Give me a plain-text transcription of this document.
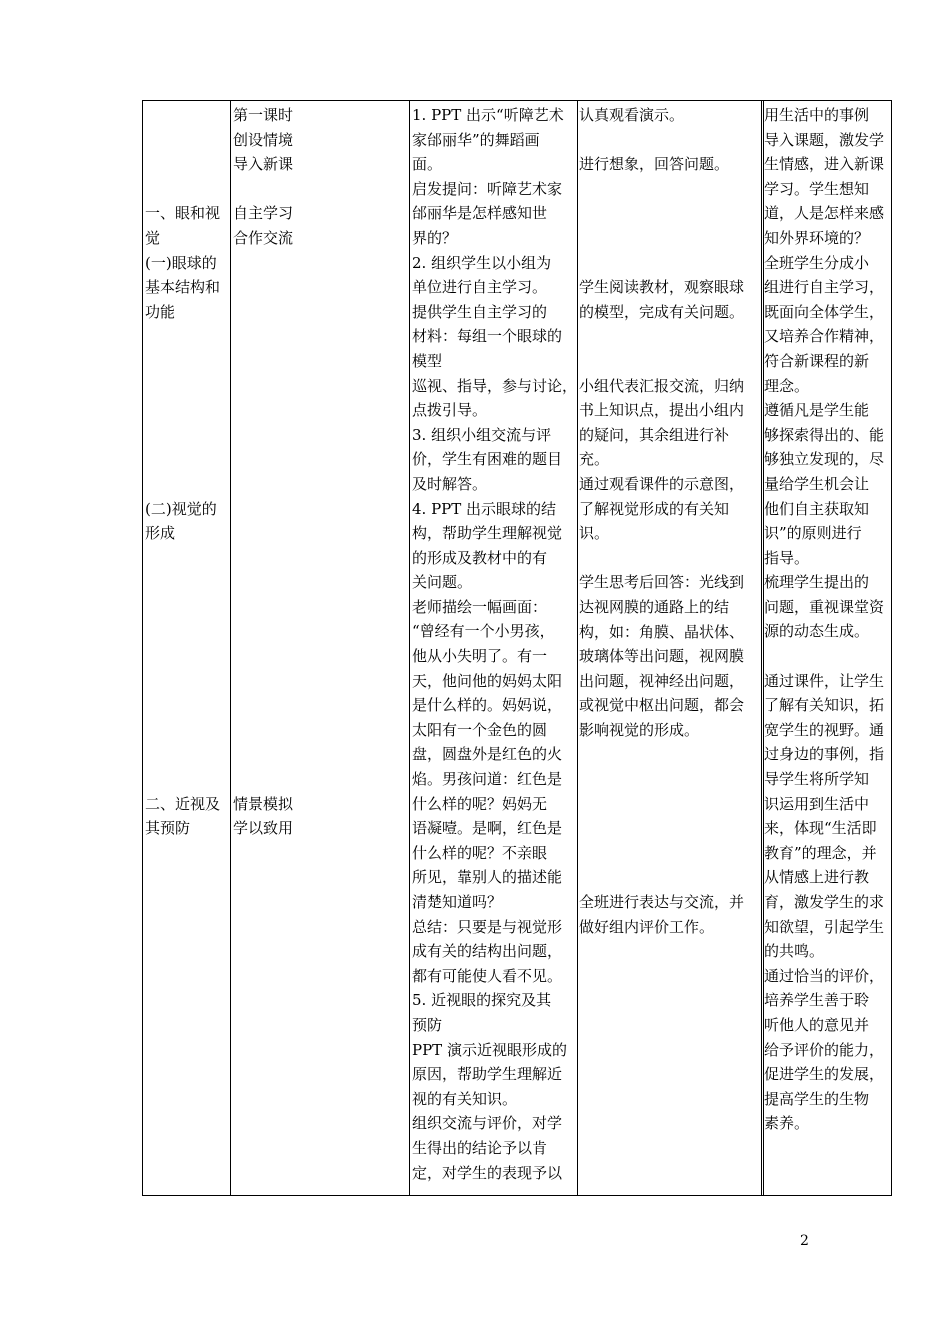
一、眼和视
觉
(一)眼球的
基本结构和
功能
(二)视觉的
形成
二、近视及
其预防
第一课时
创设情境
导入新课
自主学习
合作交流
情景模拟
学以致用
1. PPT 出示“听障艺术
家邰丽华”的舞蹈画
面。
启发提问：听障艺术家
邰丽华是怎样感知世
界的？
2. 组织学生以小组为
单位进行自主学习。
提供学生自主学习的
材料：每组一个眼球的
模型
巡视、指导，参与讨论，
点拨引导。
3. 组织小组交流与评
价，学生有困难的题目
及时解答。
4. PPT 出示眼球的结
构，帮助学生理解视觉
的形成及教材中的有
关问题。
老师描绘一幅画面：
“曾经有一个小男孩，
他从小失明了。有一
天，他问他的妈妈太阳
是什么样的。妈妈说，
太阳有一个金色的圆
盘，圆盘外是红色的火
焰。男孩问道：红色是
什么样的呢？妈妈无
语凝噎。是啊，红色是
什么样的呢？不亲眼
所见，靠别人的描述能
清楚知道吗？
总结：只要是与视觉形
成有关的结构出问题，
都有可能使人看不见。
5. 近视眼的探究及其
预防
PPT 演示近视眼形成的
原因，帮助学生理解近
视的有关知识。
组织交流与评价，对学
生得出的结论予以肯
定，对学生的表现予以
认真观看演示。
进行想象，回答问题。
学生阅读教材，观察眼球
的模型，完成有关问题。
小组代表汇报交流，归纳
书上知识点，提出小组内
的疑问，其余组进行补
充。
通过观看课件的示意图，
了解视觉形成的有关知
识。
学生思考后回答：光线到
达视网膜的通路上的结
构，如：角膜、晶状体、
玻璃体等出问题，视网膜
出问题，视神经出问题，
或视觉中枢出问题，都会
影响视觉的形成。
全班进行表达与交流，并
做好组内评价工作。
用生活中的事例
导入课题，激发学
生情感，进入新课
学习。学生想知
道，人是怎样来感
知外界环境的？
全班学生分成小
组进行自主学习，
既面向全体学生，
又培养合作精神，
符合新课程的新
理念。
遵循凡是学生能
够探索得出的、能
够独立发现的，尽
量给学生机会让
他们自主获取知
识”的原则进行
指导。
梳理学生提出的
问题，重视课堂资
源的动态生成。
通过课件，让学生
了解有关知识，拓
宽学生的视野。通
过身边的事例，指
导学生将所学知
识运用到生活中
来，体现“生活即
教育”的理念，并
从情感上进行教
育，激发学生的求
知欲望，引起学生
的共鸣。
通过恰当的评价，
培养学生善于聆
听他人的意见并
给予评价的能力，
促进学生的发展，
提高学生的生物
素养。
2
